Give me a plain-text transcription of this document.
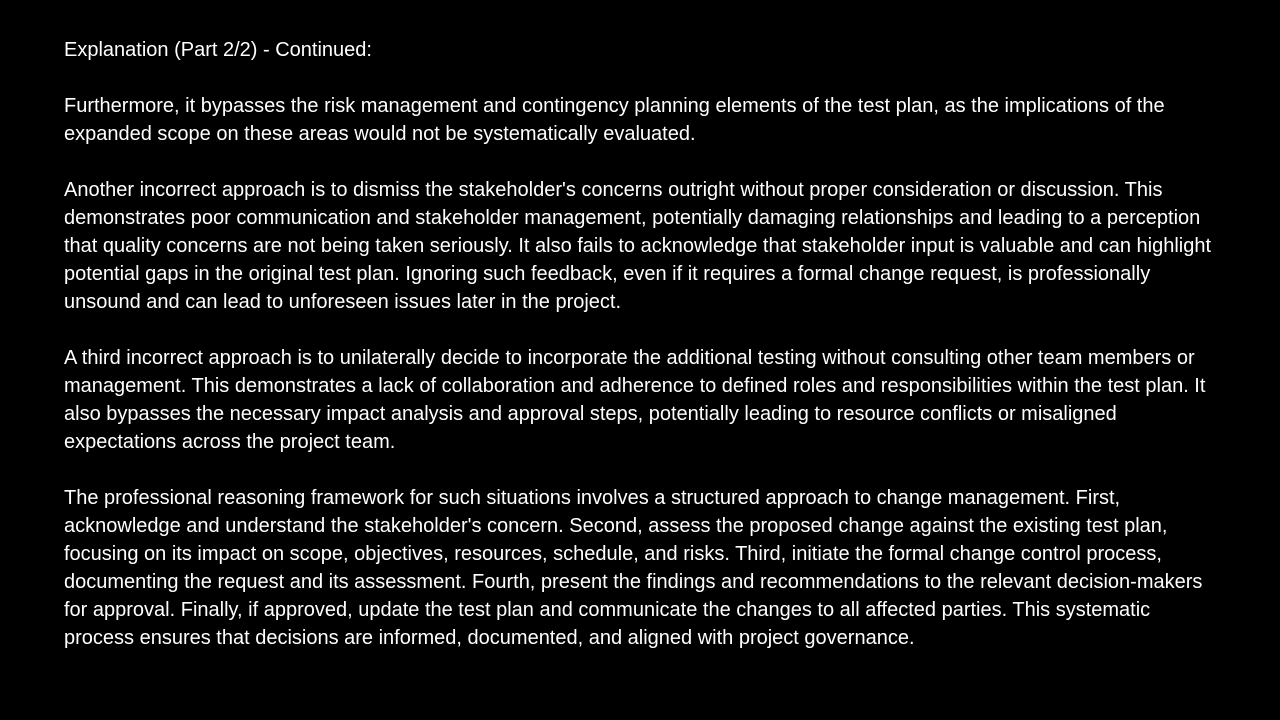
Explanation (Part 2/2) - Continued:

Furthermore, it bypasses the risk management and contingency planning elements of the test plan, as the implications of the expanded scope on these areas would not be systematically evaluated.

Another incorrect approach is to dismiss the stakeholder's concerns outright without proper consideration or discussion. This demonstrates poor communication and stakeholder management, potentially damaging relationships and leading to a perception that quality concerns are not being taken seriously. It also fails to acknowledge that stakeholder input is valuable and can highlight potential gaps in the original test plan. Ignoring such feedback, even if it requires a formal change request, is professionally unsound and can lead to unforeseen issues later in the project.

A third incorrect approach is to unilaterally decide to incorporate the additional testing without consulting other team members or management. This demonstrates a lack of collaboration and adherence to defined roles and responsibilities within the test plan. It also bypasses the necessary impact analysis and approval steps, potentially leading to resource conflicts or misaligned expectations across the project team.

The professional reasoning framework for such situations involves a structured approach to change management. First, acknowledge and understand the stakeholder's concern. Second, assess the proposed change against the existing test plan, focusing on its impact on scope, objectives, resources, schedule, and risks. Third, initiate the formal change control process, documenting the request and its assessment. Fourth, present the findings and recommendations to the relevant decision-makers for approval. Finally, if approved, update the test plan and communicate the changes to all affected parties. This systematic process ensures that decisions are informed, documented, and aligned with project governance.
